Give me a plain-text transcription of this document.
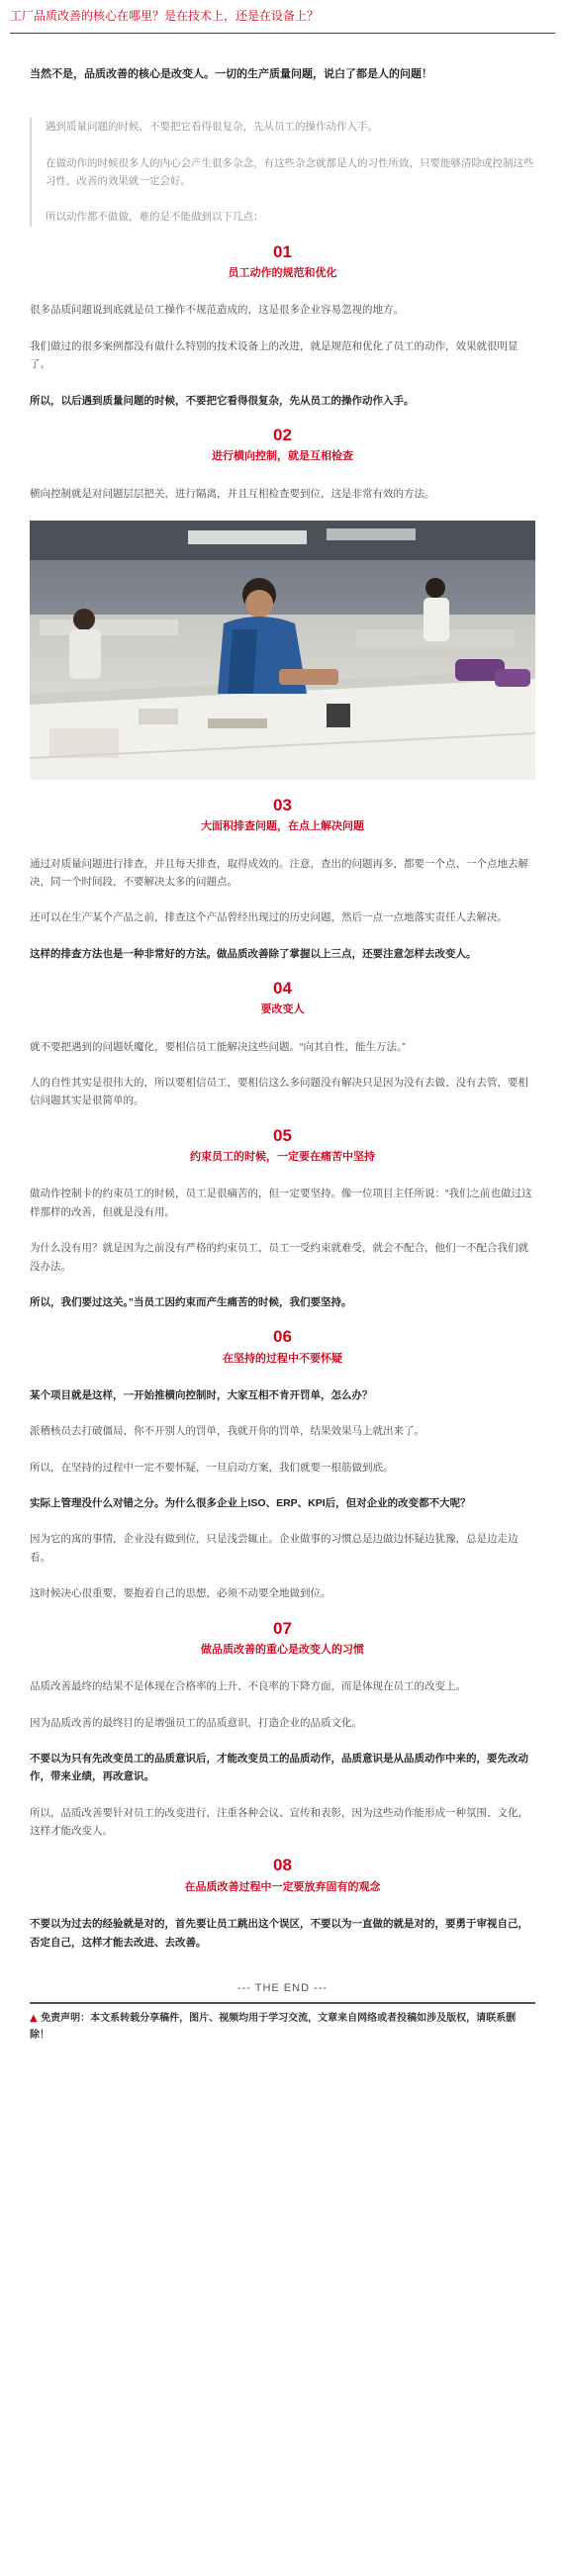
工厂品质改善的核心在哪里？是在技术上，还是在设备上？

当然不是，品质改善的核心是改变人。一切的生产质量问题，说白了都是人的问题！

遇到质量问题的时候，不要把它看得很复杂，先从员工的操作动作入手。

在做动作的时候很多人的内心会产生很多杂念，有这些杂念就都是人的习性所致，只要能够清除或控制这些习性，改善的效果就一定会好。

所以动作都不做做，难的是不能做到以下几点：

01
员工动作的规范和优化

很多品质问题说到底就是员工操作不规范造成的，这是很多企业容易忽视的地方。

我们做过的很多案例都没有做什么特别的技术设备上的改进，就是规范和优化了员工的动作，效果就很明显了。

所以，以后遇到质量问题的时候，不要把它看得很复杂，先从员工的操作动作入手。

02
进行横向控制，就是互相检查

横向控制就是对问题层层把关，进行隔离，并且互相检查要到位，这是非常有效的方法。

03
大面积排查问题，在点上解决问题

通过对质量问题进行排查，并且每天排查，取得成效的。注意，查出的问题再多，都要一个点、一个点地去解决，同一个时间段，不要解决太多的问题点。

还可以在生产某个产品之前，排查这个产品曾经出现过的历史问题，然后一点一点地落实责任人去解决。

这样的排查方法也是一种非常好的方法。做品质改善除了掌握以上三点，还要注意怎样去改变人。

04
要改变人

就不要把遇到的问题妖魔化，要相信员工能解决这些问题。“向其自性，能生万法。”

人的自性其实是很伟大的，所以要相信员工，要相信这么多问题没有解决只是因为没有去做、没有去管，要相信问题其实是很简单的。

05
约束员工的时候，一定要在痛苦中坚持

做动作控制卡的约束员工的时候，员工是很痛苦的，但一定要坚持。像一位项目主任所说：“我们之前也做过这样那样的改善，但就是没有用。

为什么没有用？就是因为之前没有严格的约束员工，员工一受约束就难受，就会不配合，他们一不配合我们就没办法。

所以，我们要过这关。”当员工因约束而产生痛苦的时候，我们要坚持。

06
在坚持的过程中不要怀疑

某个项目就是这样，一开始推横向控制时，大家互相不肯开罚单，怎么办？

派稽核员去打破僵局，你不开别人的罚单，我就开你的罚单，结果效果马上就出来了。

所以，在坚持的过程中一定不要怀疑，一旦启动方案，我们就要一根筋做到底。

实际上管理没什么对错之分。为什么很多企业上ISO、ERP、KPI后，但对企业的改变都不大呢？

因为它的寓的事情，企业没有做到位，只是浅尝辄止。企业做事的习惯总是边做边怀疑边犹豫，总是边走边看。

这时候决心很重要，要抱着自己的思想，必须不动要全地做到位。

07
做品质改善的重心是改变人的习惯

品质改善最终的结果不是体现在合格率的上升、不良率的下降方面，而是体现在员工的改变上。

因为品质改善的最终目的是增强员工的品质意识，打造企业的品质文化。

不要以为只有先改变员工的品质意识后，才能改变员工的品质动作，品质意识是从品质动作中来的，要先改动作，带来业绩，再改意识。

所以，品质改善要针对员工的改变进行，注重各种会议、宣传和表彰，因为这些动作能形成一种氛围、文化，这样才能改变人。

08
在品质改善过程中一定要放弃固有的观念

不要以为过去的经验就是对的，首先要让员工跳出这个误区，不要以为一直做的就是对的，要勇于审视自己，否定自己，这样才能去改进、去改善。

--- THE END ---

▲ 免责声明：本文系转载分享稿件，图片、视频均用于学习交流，文章来自网络或者投稿如涉及版权，请联系删除！
